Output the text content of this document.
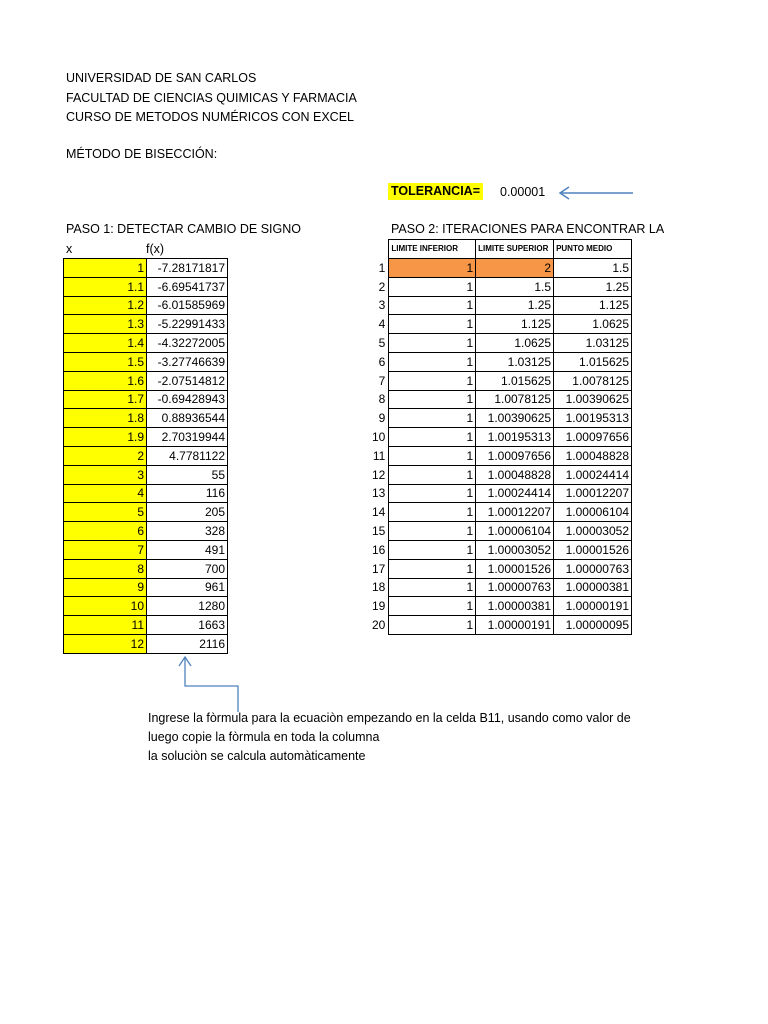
UNIVERSIDAD DE SAN CARLOS
FACULTAD DE CIENCIAS QUIMICAS Y FARMACIA
CURSO DE METODOS NUMÉRICOS CON EXCEL
MÉTODO DE BISECCIÓN:
TOLERANCIA= 0.00001
PASO 1: DETECTAR CAMBIO DE SIGNO
x	f(x)
1	-7.28171817
1.1	-6.69541737
1.2	-6.01585969
1.3	-5.22991433
1.4	-4.32272005
1.5	-3.27746639
1.6	-2.07514812
1.7	-0.69428943
1.8	0.88936544
1.9	2.70319944
2	4.7781122
3	55
4	116
5	205
6	328
7	491
8	700
9	961
10	1280
11	1663
12	2116
PASO 2: ITERACIONES PARA ENCONTRAR LA
	LIMITE INFERIOR	LIMITE SUPERIOR	PUNTO MEDIO
1	1	2	1.5
2	1	1.5	1.25
3	1	1.25	1.125
4	1	1.125	1.0625
5	1	1.0625	1.03125
6	1	1.03125	1.015625
7	1	1.015625	1.0078125
8	1	1.0078125	1.00390625
9	1	1.00390625	1.00195313
10	1	1.00195313	1.00097656
11	1	1.00097656	1.00048828
12	1	1.00048828	1.00024414
13	1	1.00024414	1.00012207
14	1	1.00012207	1.00006104
15	1	1.00006104	1.00003052
16	1	1.00003052	1.00001526
17	1	1.00001526	1.00000763
18	1	1.00000763	1.00000381
19	1	1.00000381	1.00000191
20	1	1.00000191	1.00000095
Ingrese la fòrmula para la ecuaciòn empezando en la celda B11, usando como valor de
luego copie la fòrmula en toda la columna
la soluciòn se calcula automàticamente
